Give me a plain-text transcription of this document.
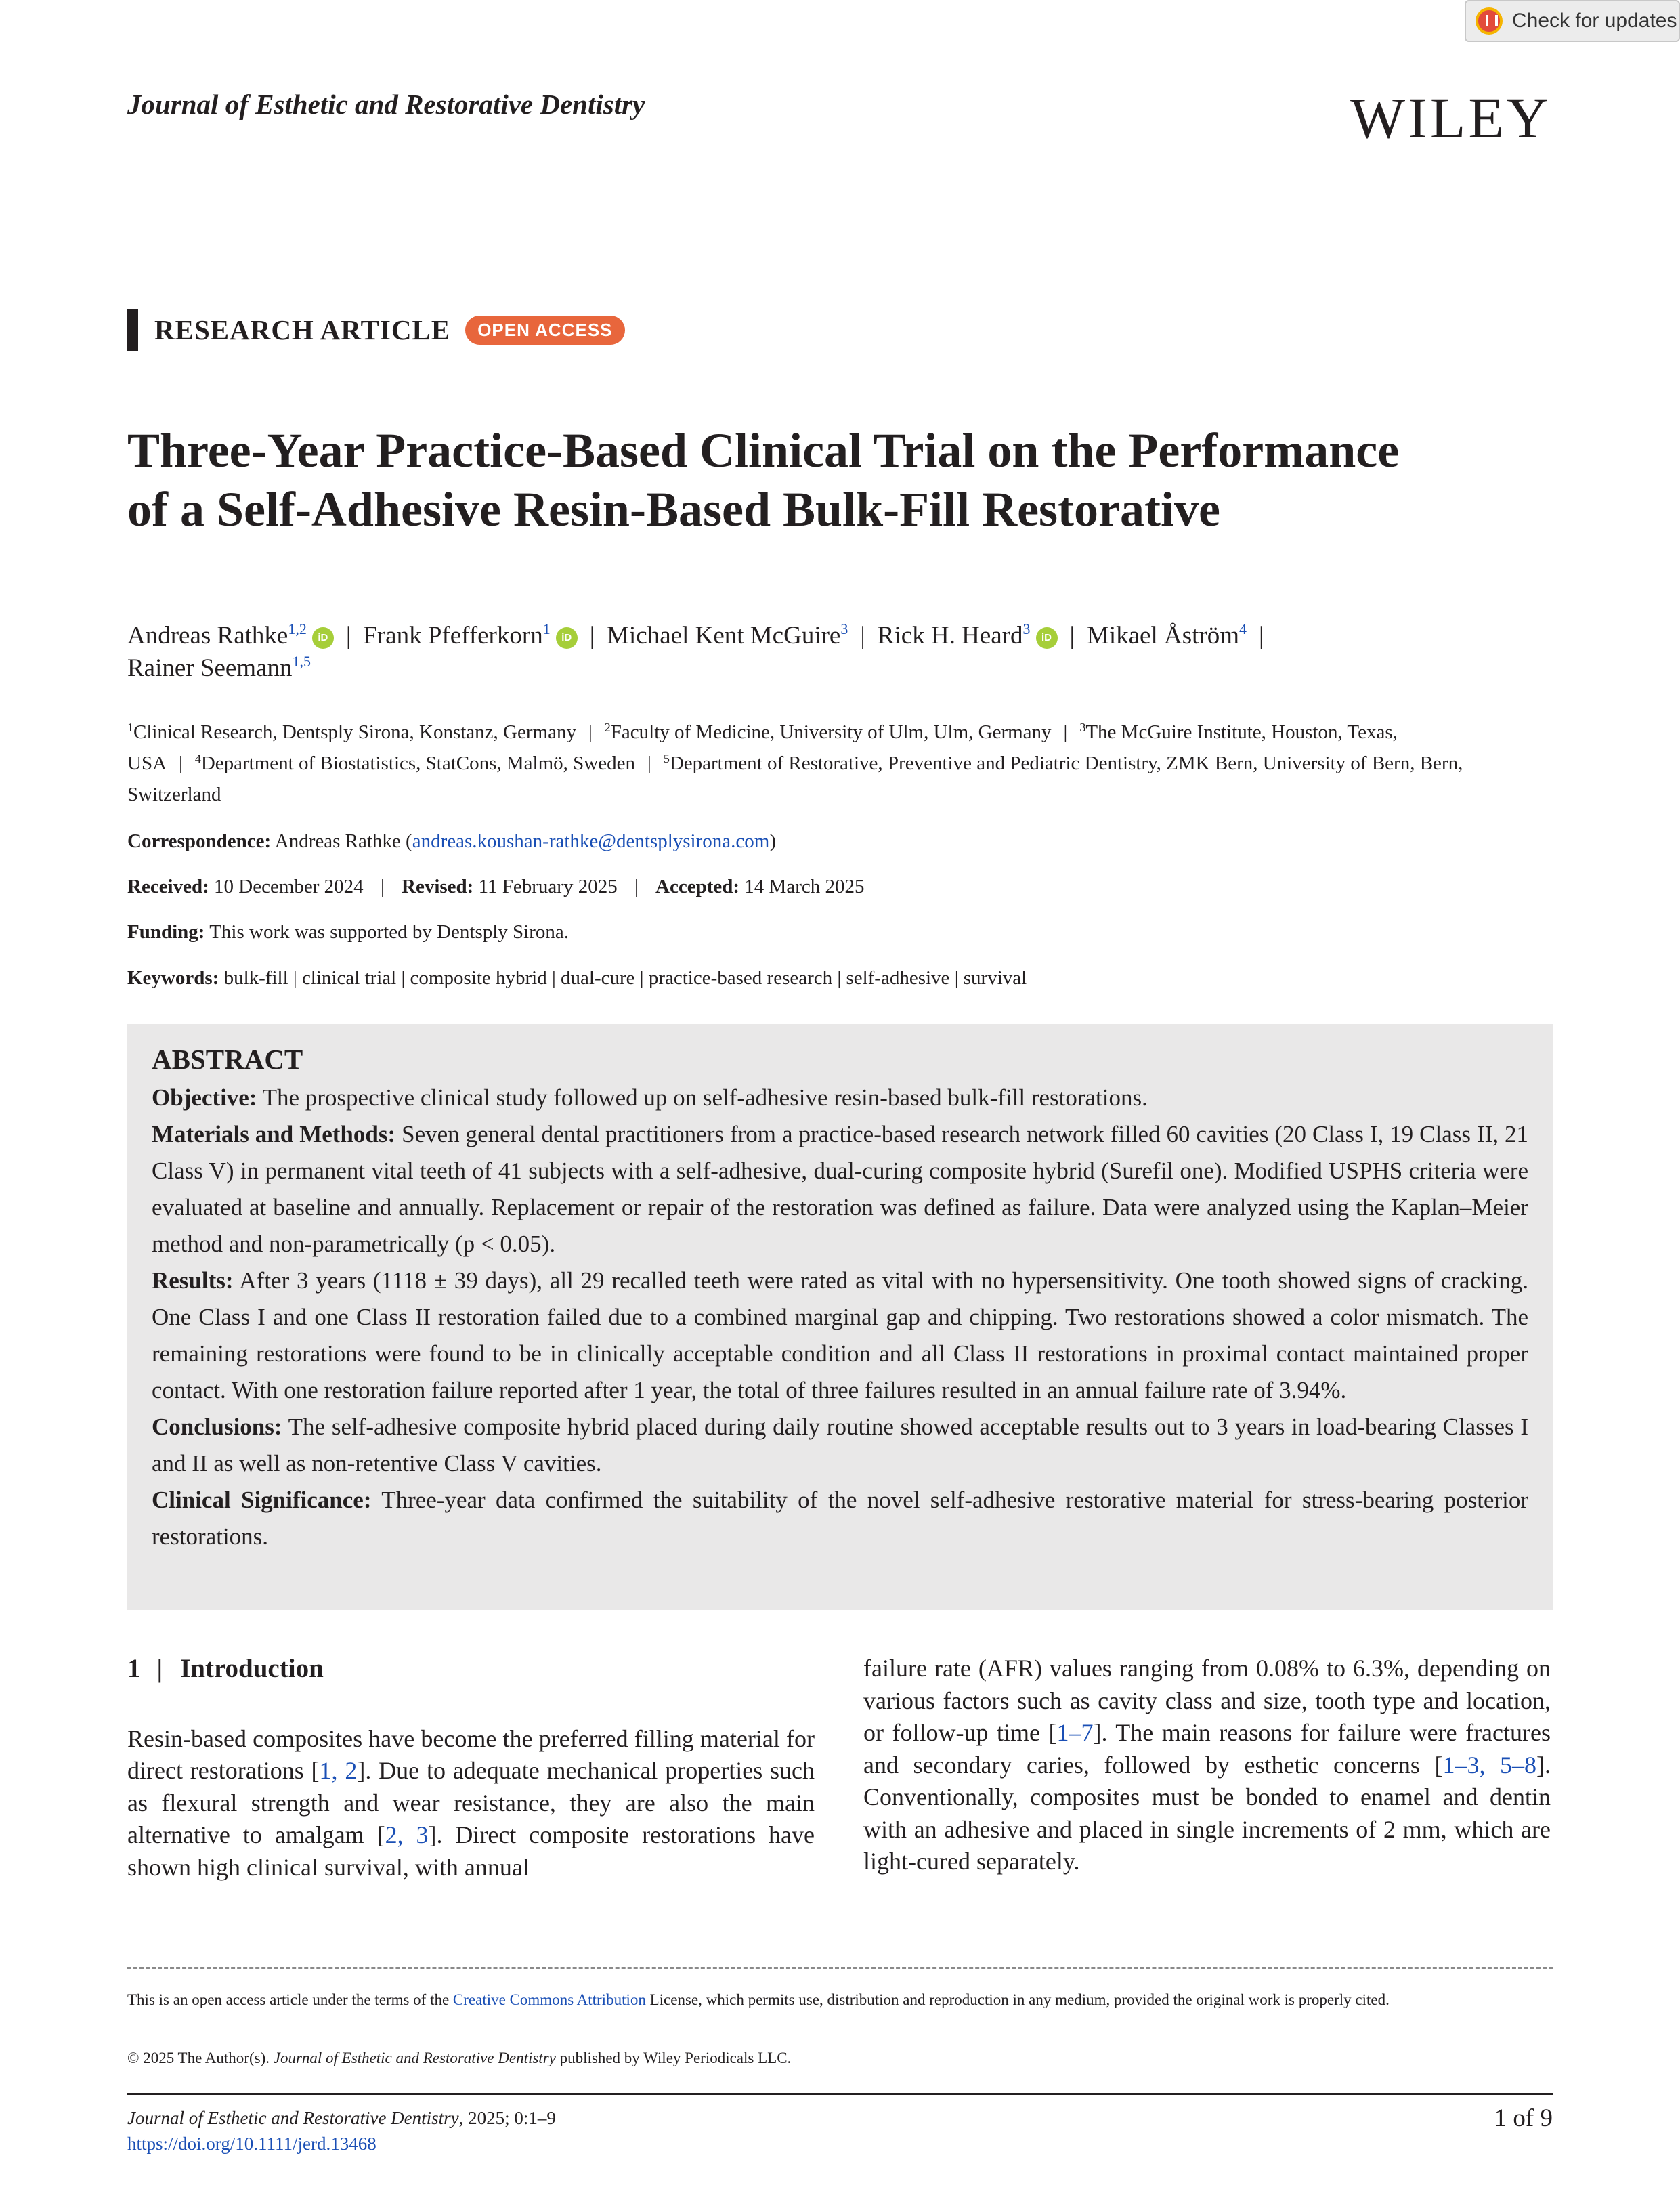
Check for updates
Journal of Esthetic and Restorative Dentistry	WILEY
RESEARCH ARTICLE	OPEN ACCESS
Three-Year Practice-Based Clinical Trial on the Performance of a Self-Adhesive Resin-Based Bulk-Fill Restorative
Andreas Rathke$^{1,2}$iD | Frank Pfefferkorn$^1$iD | Michael Kent McGuire$^3$ | Rick H. Heard$^3$iD | Mikael Åström$^4$ |
Rainer Seemann$^{1,5}$
$^1$Clinical Research, Dentsply Sirona, Konstanz, Germany | $^2$Faculty of Medicine, University of Ulm, Ulm, Germany | $^3$The McGuire Institute, Houston, Texas, USA | $^4$Department of Biostatistics, StatCons, Malmö, Sweden | $^5$Department of Restorative, Preventive and Pediatric Dentistry, ZMK Bern, University of Bern, Bern, Switzerland
Correspondence: Andreas Rathke (andreas.koushan-rathke@dentsplysirona.com)
Received: 10 December 2024 | Revised: 11 February 2025 | Accepted: 14 March 2025
Funding: This work was supported by Dentsply Sirona.
Keywords: bulk-fill | clinical trial | composite hybrid | dual-cure | practice-based research | self-adhesive | survival
ABSTRACT
Objective: The prospective clinical study followed up on self-adhesive resin-based bulk-fill restorations.
Materials and Methods: Seven general dental practitioners from a practice-based research network filled 60 cavities (20 Class I, 19 Class II, 21 Class V) in permanent vital teeth of 41 subjects with a self-adhesive, dual-curing composite hybrid (Surefil one). Modified USPHS criteria were evaluated at baseline and annually. Replacement or repair of the restoration was defined as failure. Data were analyzed using the Kaplan–Meier method and non-parametrically (p < 0.05).
Results: After 3 years (1118 ± 39 days), all 29 recalled teeth were rated as vital with no hypersensitivity. One tooth showed signs of cracking. One Class I and one Class II restoration failed due to a combined marginal gap and chipping. Two restorations showed a color mismatch. The remaining restorations were found to be in clinically acceptable condition and all Class II restorations in proximal contact maintained proper contact. With one restoration failure reported after 1 year, the total of three failures resulted in an annual failure rate of 3.94%.
Conclusions: The self-adhesive composite hybrid placed during daily routine showed acceptable results out to 3 years in load-bearing Classes I and II as well as non-retentive Class V cavities.
Clinical Significance: Three-year data confirmed the suitability of the novel self-adhesive restorative material for stress-bearing posterior restorations.
1 | Introduction

Resin-based composites have become the preferred filling material for direct restorations [1, 2]. Due to adequate mechanical properties such as flexural strength and wear resistance, they are also the main alternative to amalgam [2, 3]. Direct composite restorations have shown high clinical survival, with annual

failure rate (AFR) values ranging from 0.08% to 6.3%, depending on various factors such as cavity class and size, tooth type and location, or follow-up time [1–7]. The main reasons for failure were fractures and secondary caries, followed by esthetic concerns [1–3, 5–8]. Conventionally, composites must be bonded to enamel and dentin with an adhesive and placed in single increments of 2 mm, which are light-cured separately.

This is an open access article under the terms of the Creative Commons Attribution License, which permits use, distribution and reproduction in any medium, provided the original work is properly cited.
© 2025 The Author(s). Journal of Esthetic and Restorative Dentistry published by Wiley Periodicals LLC.
Journal of Esthetic and Restorative Dentistry, 2025; 0:1–9
https://doi.org/10.1111/jerd.13468
1 of 9
